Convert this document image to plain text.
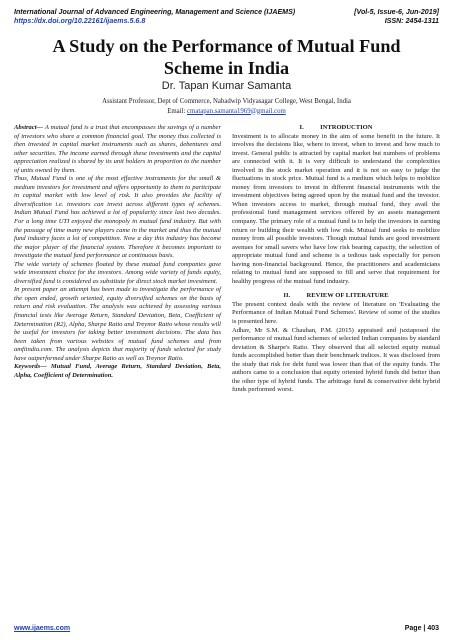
International Journal of Advanced Engineering, Management and Science (IJAEMS)	[Vol-5, Issue-6, Jun-2019]
https://dx.doi.org/10.22161/ijaems.5.6.8	ISSN: 2454-1311
A Study on the Performance of Mutual Fund
Scheme in India
Dr. Tapan Kumar Samanta
Assistant Professor, Dept of Commerce, Nabadwip Vidyasagar College, West Bengal, India
Email: cmatapan.samanta1969@gmail.com

Abstract— A mutual fund is a trust that encompasses the savings of a number of investors who share a common financial goal. The money thus collected is then invested in capital market instruments such as shares, debentures and other securities. The income earned through these investments and the capital appreciation realized is shared by its unit holders in proportion to the number of units owned by them.

Thus, Mutual Fund is one of the most effective instruments for the small & medium investors for investment and offers opportunity to them to participate in capital market with low level of risk. It also provides the facility of diversification i.e. investors can invest across different types of schemes. Indian Mutual Fund has achieved a lot of popularity since last two decades. For a long time UTI enjoyed the monopoly in mutual fund industry. But with the passage of time many new players came in the market and thus the mutual fund industry faces a lot of competition. Now a day this industry has become the major player of the financial system. Therefore it becomes important to investigate the mutual fund performance at continuous basis.

The wide variety of schemes floated by these mutual fund companies gave wide investment choice for the investors. Among wide variety of funds equity, diversified fund is considered as substitute for direct stock market investment.

In present paper an attempt has been made to investigate the performance of the open ended, growth oriented, equity diversified schemes on the basis of return and risk evaluation. The analysis was achieved by assessing various financial tests like Average Return, Standard Deviation, Beta, Coefficient of Determination (R2), Alpha, Sharpe Ratio and Treynor Ratio whose results will be useful for investors for taking better investment decisions. The data has been taken from various websites of mutual fund schemes and from amfiindia.com. The analysis depicts that majority of funds selected for study have outperformed under Sharpe Ratio as well as Treynor Ratio.

Keywords— Mutual Fund, Average Return, Standard Deviation, Beta, Alpha, Coefficient of Determination.

I.          INTRODUCTION

Investment is to allocate money in the aim of some benefit in the future. It involves the decisions like, where to invest, when to invest and how much to invest. General public is attracted by capital market but numbers of problems are connected with it. It is very difficult to understand the complexities involved in the stock market operation and it is not so easy to judge the fluctuations in stock price. Mutual fund is a medium which helps to mobilize money from investors to invest in different financial instruments with the investment objectives being agreed upon by the mutual fund and the investor. When investors access to market, through mutual fund, they avail the professional fund management services offered by an assets management company. The primary role of a mutual fund is to help the investors in earning return or building their wealth with low risk. Mutual fund seeks to mobilize money from all possible investors. Though mutual funds are good investment avenues for small savers who have low risk bearing capacity, the selection of appropriate mutual fund and scheme is a tedious task especially for person having non-financial background. Hence, the practitioners and academicians relating to mutual fund are supposed to fill and serve that requirement for healthy progress of the mutual fund industry.

II.          REVIEW OF LITERATURE

The present context deals with the review of literature on 'Evaluating the Performance of Indian Mutual Fund Schemes'. Review of some of the studies is presented here.

Adhav, Mr S.M. & Chauhan, P.M. (2015) appraised and juxtaposed the performance of mutual fund schemes of selected Indian companies by standard deviation & Sharpe's Ratio. They observed that all selected equity mutual funds accomplished better than their benchmark indices. It was disclosed from the study that risk for debt fund was lower than that of the equity funds. The authors came to a conclusion that equity oriented hybrid funds did better than the other type of hybrid funds. The arbitrage fund & conservative debt hybrid funds performed worst.

www.ijaems.com	Page | 403
